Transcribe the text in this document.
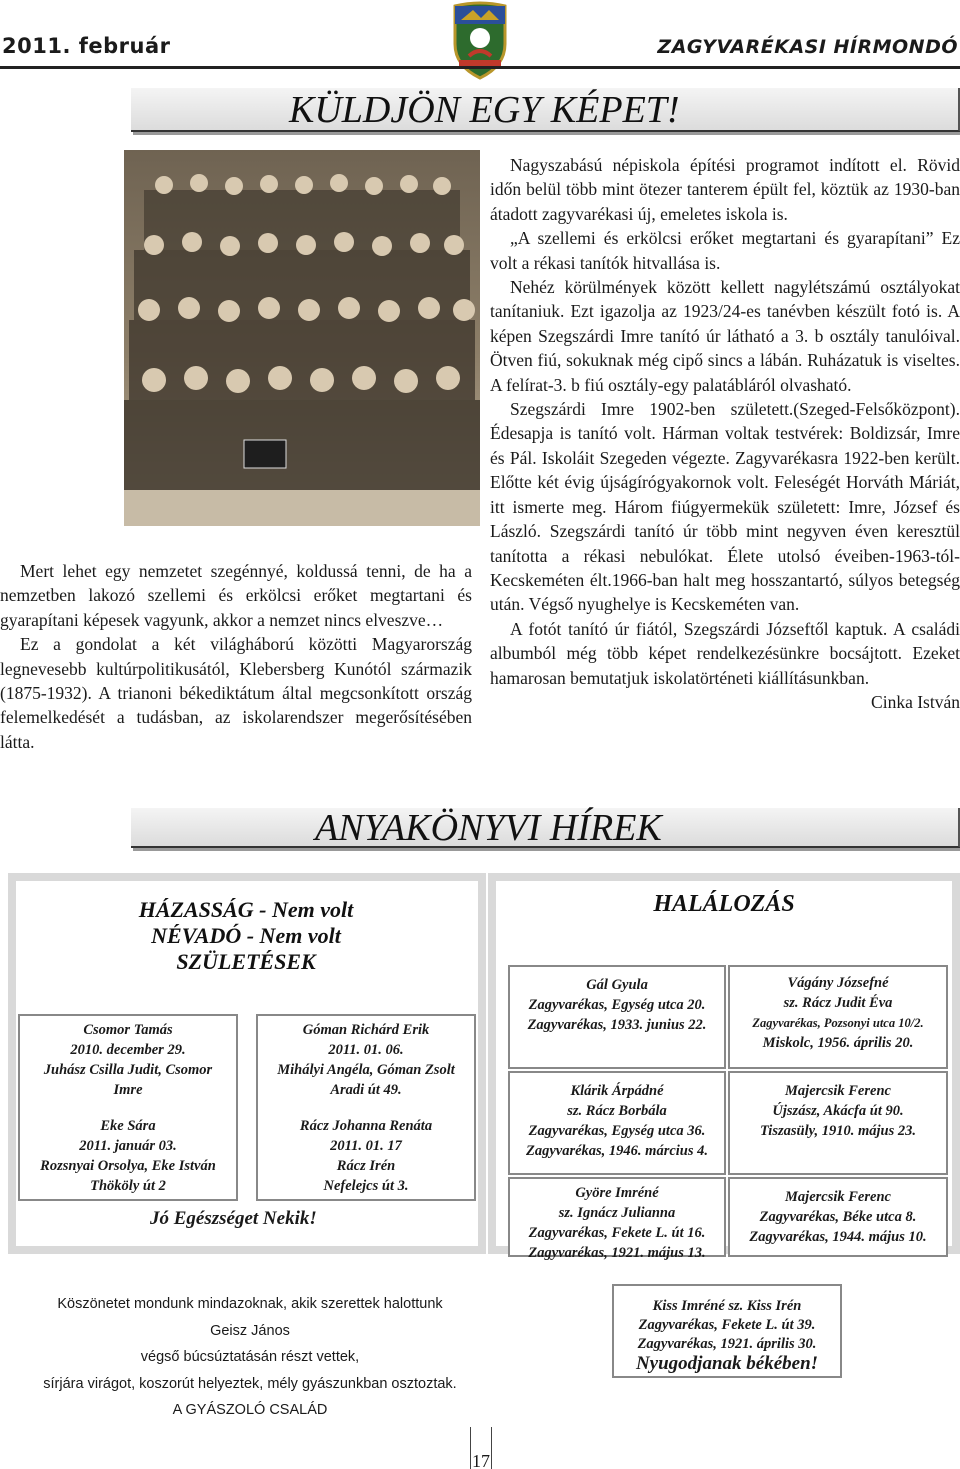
2011. február	ZAGYVARÉKASI HÍRMONDÓ
KÜLDJÖN EGY KÉPET!

Mert lehet egy nemzetet szegénnyé, koldussá tenni, de ha a nemzetben lakozó szellemi és erkölcsi erőket megtartani és gyarapítani képesek vagyunk, akkor a nemzet nincs elveszve…

Ez a gondolat a két világháború közötti Magyarország legnevesebb kultúrpolitikusától, Klebersberg Kunótól származik (1875-1932). A trianoni békediktátum által megcsonkított ország felemelkedését a tudásban, az iskolarendszer megerősítésében látta.

Nagyszabású népiskola építési programot indított el. Rövid időn belül több mint ötezer tanterem épült fel, köztük az 1930-ban átadott zagyvarékasi új, emeletes iskola is.

„A szellemi és erkölcsi erőket megtartani és gyarapítani” Ez volt a rékasi tanítók hitvallása is.

Nehéz körülmények között kellett nagylétszámú osztályokat tanítaniuk. Ezt igazolja az 1923/24-es tanévben készült fotó is. A képen Szegszárdi Imre tanító úr látható a 3. b osztály tanulóival. Ötven fiú, sokuknak még cipő sincs a lábán. Ruházatuk is viseltes. A felírat-3. b fiú osztály-egy palatábláról olvasható.

Szegszárdi Imre 1902-ben született.(Szeged-Felsőközpont). Édesapja is tanító volt. Hárman voltak testvérek: Boldizsár, Imre és Pál. Iskoláit Szegeden végezte. Zagyvarékasra 1922-ben került. Előtte két évig újságírógyakornok volt. Feleségét Horváth Máriát, itt ismerte meg. Három fiúgyermekük született: Imre, József és László. Szegszárdi tanító úr több mint negyven éven keresztül tanította a rékasi nebulókat. Élete utolsó éveiben-1963-tól-Kecskeméten élt.1966-ban halt meg hosszantartó, súlyos betegség után. Végső nyughelye is Kecskeméten van.

A fotót tanító úr fiától, Szegszárdi Józseftől kaptuk. A családi albumból még több képet rendelkezésünkre bocsájtott. Ezeket hamarosan bemutatjuk iskolatörténeti kiállításunkban.

Cinka István
ANYAKÖNYVI HÍREK
HÁZASSÁG - Nem volt
NÉVADÓ - Nem volt
SZÜLETÉSEK
Csomor Tamás
2010. december 29.
Juhász Csilla Judit, Csomor
Imre
Eke Sára
2011. január 03.
Rozsnyai Orsolya, Eke István
Thököly út 2
Góman Richárd Erik
2011. 01. 06.
Mihályi Angéla, Góman Zsolt
Aradi út 49.
Rácz Johanna Renáta
2011. 01. 17
Rácz Irén
Nefelejcs út 3.
Jó Egészséget Nekik!
HALÁLOZÁS
Gál Gyula
Zagyvarékas, Egység utca 20.
Zagyvarékas, 1933. junius 22.
Vágány Józsefné
sz. Rácz Judit Éva
Zagyvarékas, Pozsonyi utca 10/2.
Miskolc, 1956. április 20.
Klárik Árpádné
sz. Rácz Borbála
Zagyvarékas, Egység utca 36.
Zagyvarékas, 1946. március 4.
Majercsik Ferenc
Újszász, Akácfa út 90.
Tiszasüly, 1910. május 23.
Györe Imréné
sz. Ignácz Julianna
Zagyvarékas, Fekete L. út 16.
Zagyvarékas, 1921. május 13.
Majercsik Ferenc
Zagyvarékas, Béke utca 8.
Zagyvarékas, 1944. május 10.
Köszönetet mondunk mindazoknak, akik szerettek halottunk
Geisz János
végső búcsúztatásán részt vettek,
sírjára virágot, koszorút helyeztek, mély gyászunkban osztoztak.
A GYÁSZOLÓ CSALÁD
Kiss Imréné sz. Kiss Irén
Zagyvarékas, Fekete L. út 39.
Zagyvarékas, 1921. április 30.
Nyugodjanak békében!
17
